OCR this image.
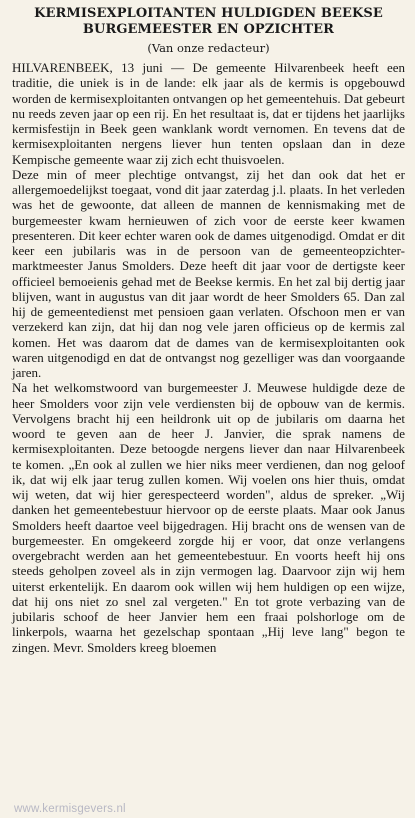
KERMISEXPLOITANTEN HULDIGDEN BEEKSE
BURGEMEESTER EN OPZICHTER
(Van onze redacteur)

HILVARENBEEK, 13 juni — De gemeente Hilvarenbeek heeft een traditie, die uniek is in de lande: elk jaar als de kermis is opgebouwd worden de kermisexploitanten ontvangen op het gemeentehuis. Dat gebeurt nu reeds zeven jaar op een rij. En het resultaat is, dat er tijdens het jaarlijks kermisfestijn in Beek geen wanklank wordt vernomen. En tevens dat de kermisexploitanten nergens liever hun tenten opslaan dan in deze Kempische gemeente waar zij zich echt thuisvoelen.

Deze min of meer plechtige ontvangst, zij het dan ook dat het er allergemoedelijkst toegaat, vond dit jaar zaterdag j.l. plaats. In het verleden was het de gewoonte, dat alleen de mannen de kennismaking met de burgemeester kwam hernieuwen of zich voor de eerste keer kwamen presenteren. Dit keer echter waren ook de dames uitgenodigd. Omdat er dit keer een jubilaris was in de persoon van de gemeenteopzichter-marktmeester Janus Smolders. Deze heeft dit jaar voor de dertigste keer officieel bemoeienis gehad met de Beekse kermis. En het zal bij dertig jaar blijven, want in augustus van dit jaar wordt de heer Smolders 65. Dan zal hij de gemeentedienst met pensioen gaan verlaten. Ofschoon men er van verzekerd kan zijn, dat hij dan nog vele jaren officieus op de kermis zal komen. Het was daarom dat de dames van de kermisexploitanten ook waren uitgenodigd en dat de ontvangst nog gezelliger was dan voorgaande jaren.

Na het welkomstwoord van burgemeester J. Meuwese huldigde deze de heer Smolders voor zijn vele verdiensten bij de opbouw van de kermis. Vervolgens bracht hij een heildronk uit op de jubilaris om daarna het woord te geven aan de heer J. Janvier, die sprak namens de kermisexploitanten. Deze betoogde nergens liever dan naar Hilvarenbeek te komen. „En ook al zullen we hier niks meer verdienen, dan nog geloof ik, dat wij elk jaar terug zullen komen. Wij voelen ons hier thuis, omdat wij weten, dat wij hier gerespecteerd worden", aldus de spreker. „Wij danken het gemeentebestuur hiervoor op de eerste plaats. Maar ook Janus Smolders heeft daartoe veel bijgedragen. Hij bracht ons de wensen van de burgemeester. En omgekeerd zorgde hij er voor, dat onze verlangens overgebracht werden aan het gemeentebestuur. En voorts heeft hij ons steeds geholpen zoveel als in zijn vermogen lag. Daarvoor zijn wij hem uiterst erkentelijk. En daarom ook willen wij hem huldigen op een wijze, dat hij ons niet zo snel zal vergeten." En tot grote verbazing van de jubilaris schoof de heer Janvier hem een fraai polshorloge om de linkerpols, waarna het gezelschap spontaan „Hij leve lang" begon te zingen. Mevr. Smolders kreeg bloemen

www.kermisgevers.nl
